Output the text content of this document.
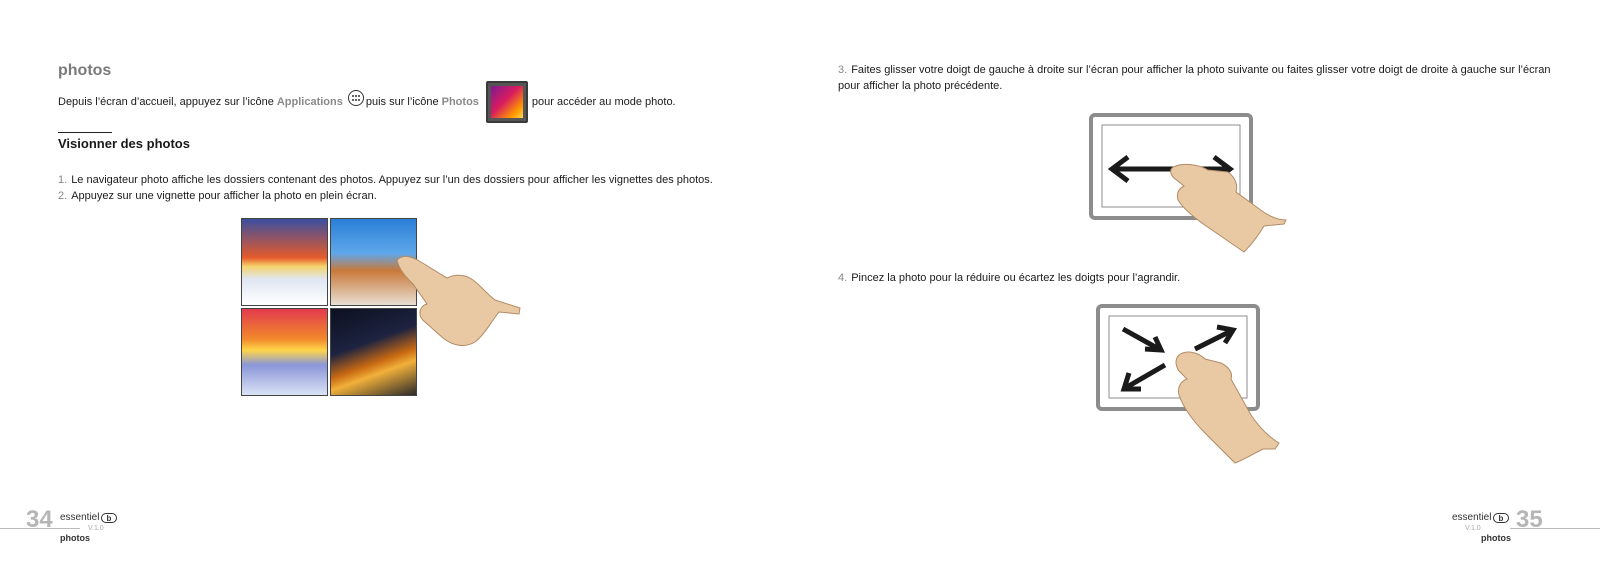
photos
Depuis l’écran d’accueil, appuyez sur l’icône Applications puis sur l’icône Photos	pour accéder au mode photo.
Visionner des photos
1. Le navigateur photo affiche les dossiers contenant des photos. Appuyez sur l’un des dossiers pour afficher les vignettes des photos.
2. Appuyez sur une vignette pour afficher la photo en plein écran.
34 essentiel b
V.1.0
photos
3. Faites glisser votre doigt de gauche à droite sur l’écran pour afficher la photo suivante ou faites glisser votre doigt de droite à gauche sur l’écran pour afficher la photo précédente.
4. Pincez la photo pour la réduire ou écartez les doigts pour l’agrandir.
essentiel b 35
V.1.0
photos
